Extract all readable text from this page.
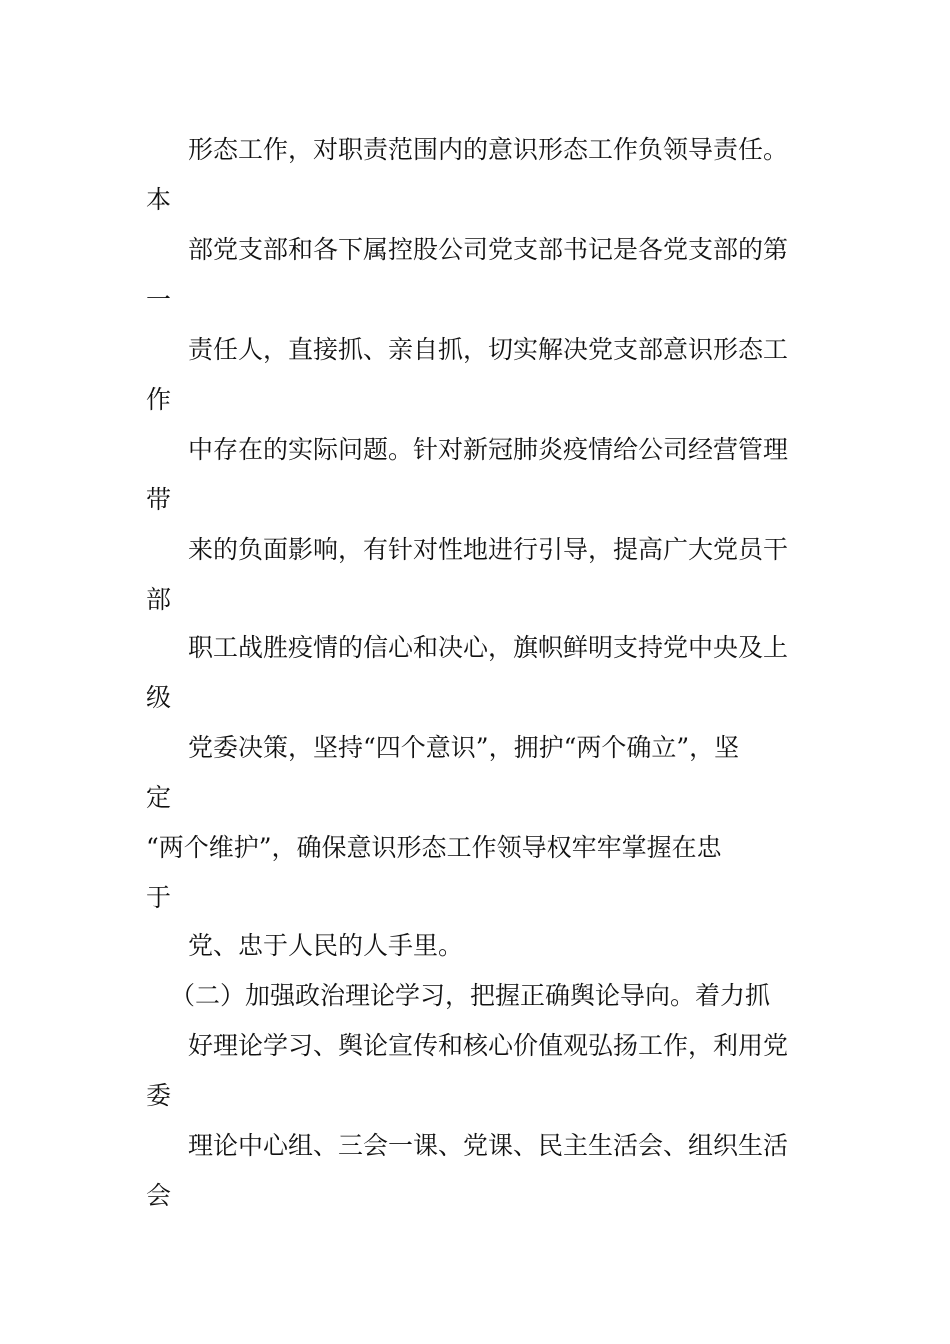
形态工作，对职责范围内的意识形态工作负领导责任。

本

部党支部和各下属控股公司党支部书记是各党支部的第

一

责任人，直接抓、亲自抓，切实解决党支部意识形态工

作

中存在的实际问题。针对新冠肺炎疫情给公司经营管理

带

来的负面影响，有针对性地进行引导，提高广大党员干

部

职工战胜疫情的信心和决心，旗帜鲜明支持党中央及上

级

党委决策，坚持“四个意识”，拥护“两个确立”，坚

定

“两个维护”，确保意识形态工作领导权牢牢掌握在忠

于

党、忠于人民的人手里。

（二）加强政治理论学习，把握正确舆论导向。着力抓

好理论学习、舆论宣传和核心价值观弘扬工作，利用党

委

理论中心组、三会一课、党课、民主生活会、组织生活

会
